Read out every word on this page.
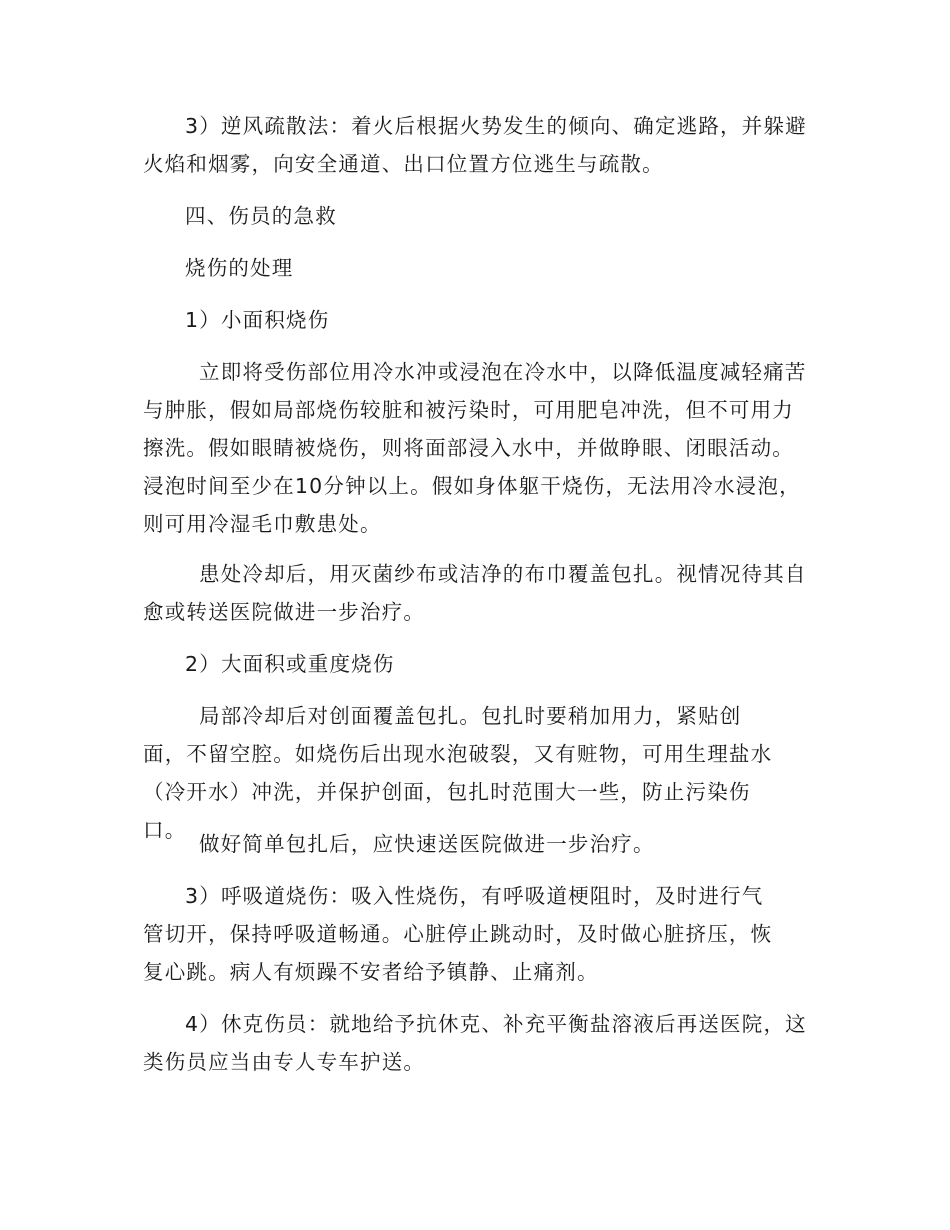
3）逆风疏散法：着火后根据火势发生的倾向、确定逃路，并躲避火焰和烟雾，向安全通道、出口位置方位逃生与疏散。

四、伤员的急救

烧伤的处理

1）小面积烧伤

立即将受伤部位用冷水冲或浸泡在冷水中，以降低温度减轻痛苦与肿胀，假如局部烧伤较脏和被污染时，可用肥皂冲洗，但不可用力擦洗。假如眼睛被烧伤，则将面部浸入水中，并做睁眼、闭眼活动。浸泡时间至少在10分钟以上。假如身体躯干烧伤，无法用冷水浸泡，则可用冷湿毛巾敷患处。

患处冷却后，用灭菌纱布或洁净的布巾覆盖包扎。视情况待其自愈或转送医院做进一步治疗。

2）大面积或重度烧伤

局部冷却后对创面覆盖包扎。包扎时要稍加用力，紧贴创面，不留空腔。如烧伤后出现水泡破裂，又有赃物，可用生理盐水（冷开水）冲洗，并保护创面，包扎时范围大一些，防止污染伤口。

做好简单包扎后，应快速送医院做进一步治疗。

3）呼吸道烧伤：吸入性烧伤，有呼吸道梗阻时，及时进行气管切开，保持呼吸道畅通。心脏停止跳动时，及时做心脏挤压，恢复心跳。病人有烦躁不安者给予镇静、止痛剂。

4）休克伤员：就地给予抗休克、补充平衡盐溶液后再送医院，这类伤员应当由专人专车护送。
